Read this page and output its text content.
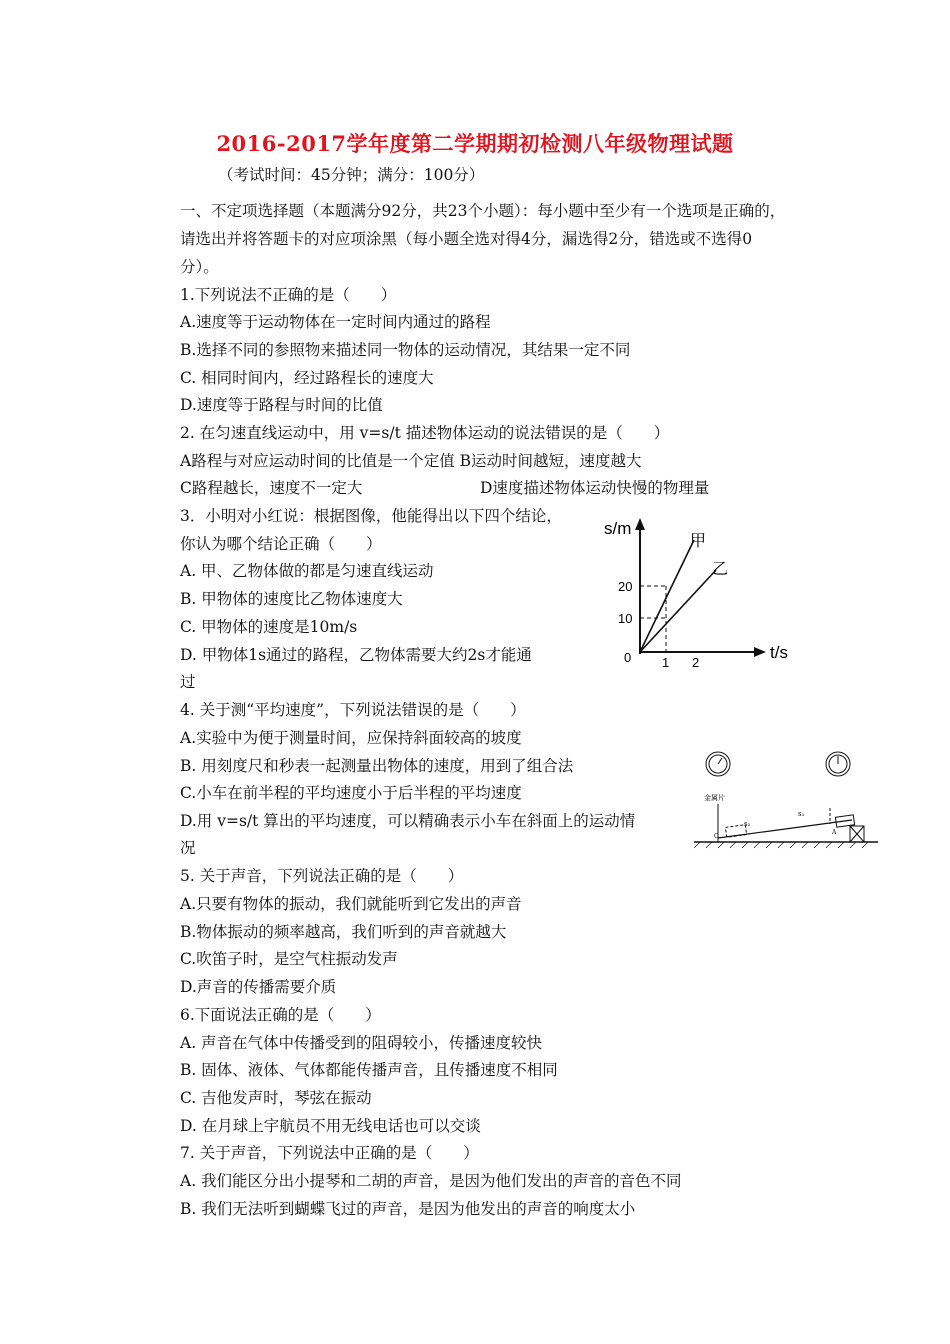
2016-2017学年度第二学期期初检测八年级物理试题
（考试时间：45分钟；满分：100分）
一、不定项选择题（本题满分92分，共23个小题）：每小题中至少有一个选项是正确的，
请选出并将答题卡的对应项涂黑（每小题全选对得4分，漏选得2分，错选或不选得0
分）。
1.下列说法不正确的是（　　）
A.速度等于运动物体在一定时间内通过的路程
B.选择不同的参照物来描述同一物体的运动情况，其结果一定不同
C. 相同时间内，经过路程长的速度大
D.速度等于路程与时间的比值
2. 在匀速直线运动中，用 v=s/t 描述物体运动的说法错误的是（　　）
A路程与对应运动时间的比值是一个定值 B运动时间越短，速度越大
C路程越长，速度不一定大	D速度描述物体运动快慢的物理量
3．小明对小红说：根据图像，他能得出以下四个结论，
你认为哪个结论正确（　　）
A. 甲、乙物体做的都是匀速直线运动
B. 甲物体的速度比乙物体速度大
C. 甲物体的速度是10m/s
D. 甲物体1s通过的路程，乙物体需要大约2s才能通
过
4. 关于测“平均速度”，下列说法错误的是（　　）
A.实验中为便于测量时间，应保持斜面较高的坡度
B. 用刻度尺和秒表一起测量出物体的速度，用到了组合法
C.小车在前半程的平均速度小于后半程的平均速度
D.用 v=s/t 算出的平均速度，可以精确表示小车在斜面上的运动情
况
5. 关于声音，下列说法正确的是（　　）
A.只要有物体的振动，我们就能听到它发出的声音
B.物体振动的频率越高，我们听到的声音就越大
C.吹笛子时，是空气柱振动发声
D.声音的传播需要介质
6.下面说法正确的是（　　）
A. 声音在气体中传播受到的阻碍较小，传播速度较快
B. 固体、液体、气体都能传播声音，且传播速度不相同
C. 吉他发声时，琴弦在振动
D. 在月球上宇航员不用无线电话也可以交谈
7. 关于声音，下列说法中正确的是（　　）
A. 我们能区分出小提琴和二胡的声音，是因为他们发出的声音的音色不同
B. 我们无法听到蝴蝶飞过的声音，是因为他发出的声音的响度太小
s/m
t/s
0
10
20
1 2
甲
乙
金属片
s₂
s₁
C
A
